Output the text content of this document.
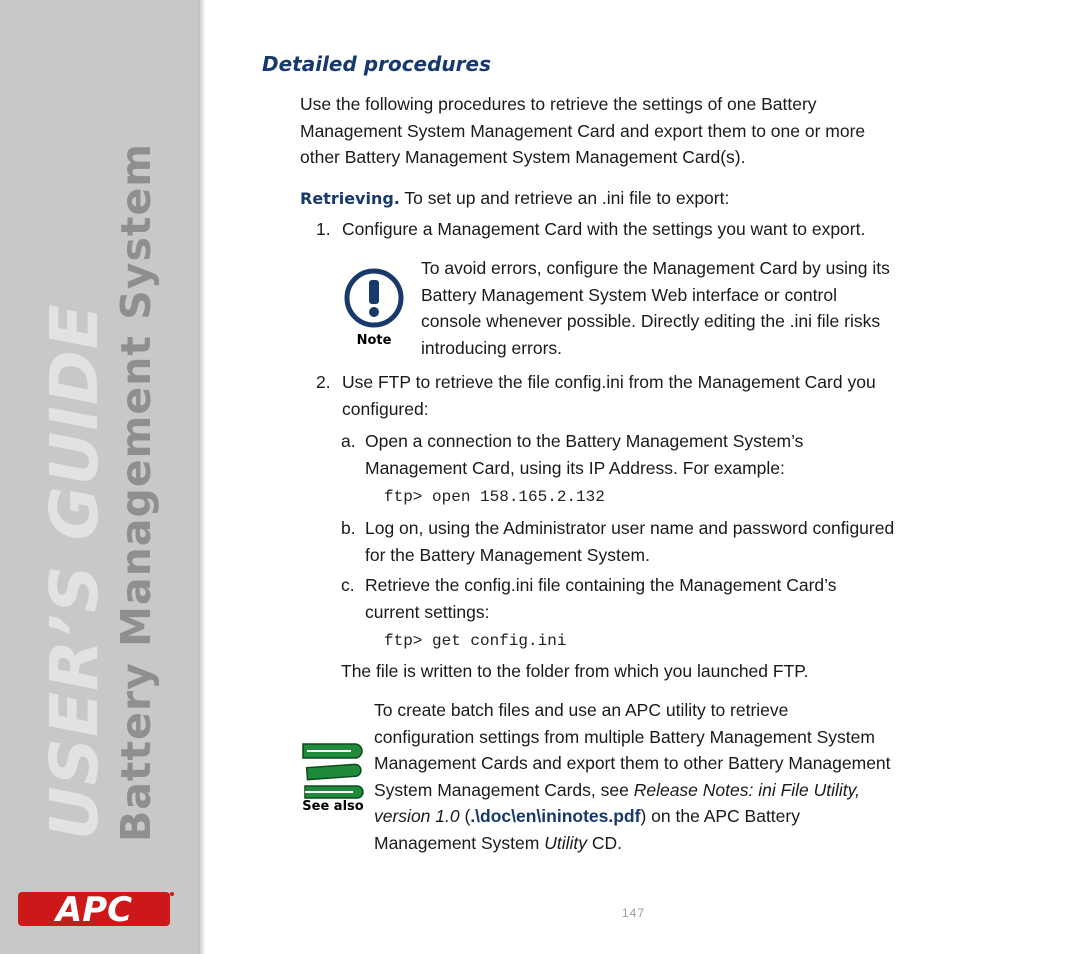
USER’S GUIDE Battery Management System
APC
Detailed procedures
Use the following procedures to retrieve the settings of one Battery
Management System Management Card and export them to one or more
other Battery Management System Management Card(s).
Retrieving. To set up and retrieve an .ini file to export:
1. Configure a Management Card with the settings you want to export.
Note
To avoid errors, configure the Management Card by using its
Battery Management System Web interface or control
console whenever possible. Directly editing the .ini file risks
introducing errors.
2. Use FTP to retrieve the file config.ini from the Management Card you
configured:
a. Open a connection to the Battery Management System’s
Management Card, using its IP Address. For example:
ftp> open 158.165.2.132
b. Log on, using the Administrator user name and password configured
for the Battery Management System.
c. Retrieve the config.ini file containing the Management Card’s
current settings:
ftp> get config.ini
The file is written to the folder from which you launched FTP.
See also
To create batch files and use an APC utility to retrieve
configuration settings from multiple Battery Management System
Management Cards and export them to other Battery Management
System Management Cards, see Release Notes: ini File Utility,
version 1.0 (.\doc\en\ininotes.pdf) on the APC Battery
Management System Utility CD.
147
